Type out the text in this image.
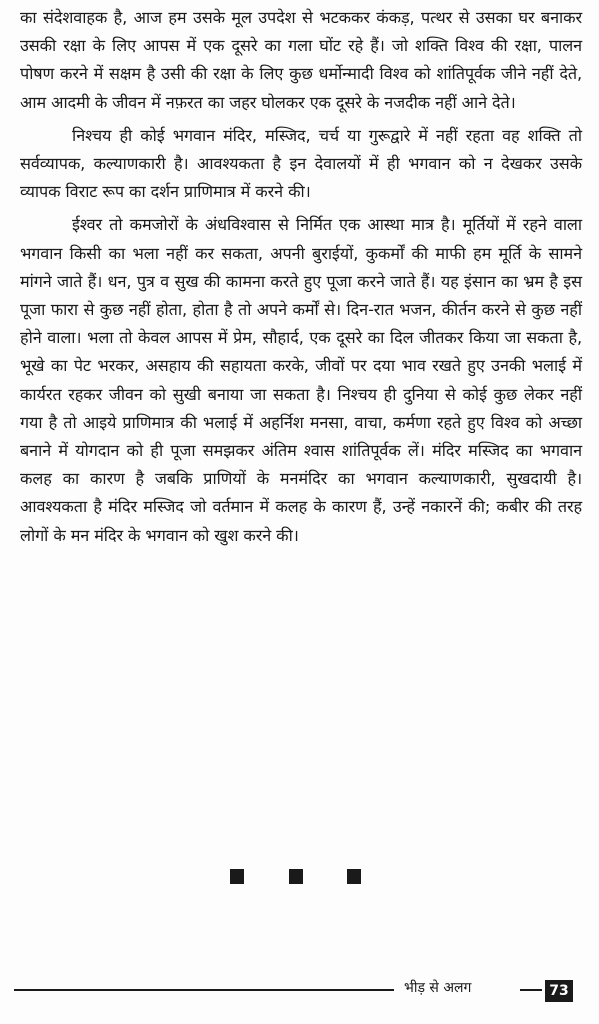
का संदेशवाहक है, आज हम उसके मूल उपदेश से भटककर कंकड़, पत्थर से उसका घर बनाकर उसकी रक्षा के लिए आपस में एक दूसरे का गला घोंट रहे हैं। जो शक्ति विश्व की रक्षा, पालन पोषण करने में सक्षम है उसी की रक्षा के लिए कुछ धर्मोन्मादी विश्व को शांतिपूर्वक जीने नहीं देते, आम आदमी के जीवन में नफ़रत का जहर घोलकर एक दूसरे के नजदीक नहीं आने देते।

निश्चय ही कोई भगवान मंदिर, मस्जिद, चर्च या गुरूद्वारे में नहीं रहता वह शक्ति तो सर्वव्यापक, कल्याणकारी है। आवश्यकता है इन देवालयों में ही भगवान को न देखकर उसके व्यापक विराट रूप का दर्शन प्राणिमात्र में करने की।

ईश्वर तो कमजोरों के अंधविश्वास से निर्मित एक आस्था मात्र है। मूर्तियों में रहने वाला भगवान किसी का भला नहीं कर सकता, अपनी बुराईयों, कुकर्मों की माफी हम मूर्ति के सामने मांगने जाते हैं। धन, पुत्र व सुख की कामना करते हुए पूजा करने जाते हैं। यह इंसान का भ्रम है इस पूजा फारा से कुछ नहीं होता, होता है तो अपने कर्मों से। दिन-रात भजन, कीर्तन करने से कुछ नहीं होने वाला। भला तो केवल आपस में प्रेम, सौहार्द, एक दूसरे का दिल जीतकर किया जा सकता है, भूखे का पेट भरकर, असहाय की सहायता करके, जीवों पर दया भाव रखते हुए उनकी भलाई में कार्यरत रहकर जीवन को सुखी बनाया जा सकता है। निश्चय ही दुनिया से कोई कुछ लेकर नहीं गया है तो आइये प्राणिमात्र की भलाई में अहर्निश मनसा, वाचा, कर्मणा रहते हुए विश्व को अच्छा बनाने में योगदान को ही पूजा समझकर अंतिम श्वास शांतिपूर्वक लें। मंदिर मस्जिद का भगवान कलह का कारण है जबकि प्राणियों के मनमंदिर का भगवान कल्याणकारी, सुखदायी है। आवश्यकता है मंदिर मस्जिद जो वर्तमान में कलह के कारण हैं, उन्हें नकारनें की; कबीर की तरह लोगों के मन मंदिर के भगवान को खुश करने की।

भीड़ से अलग	73
